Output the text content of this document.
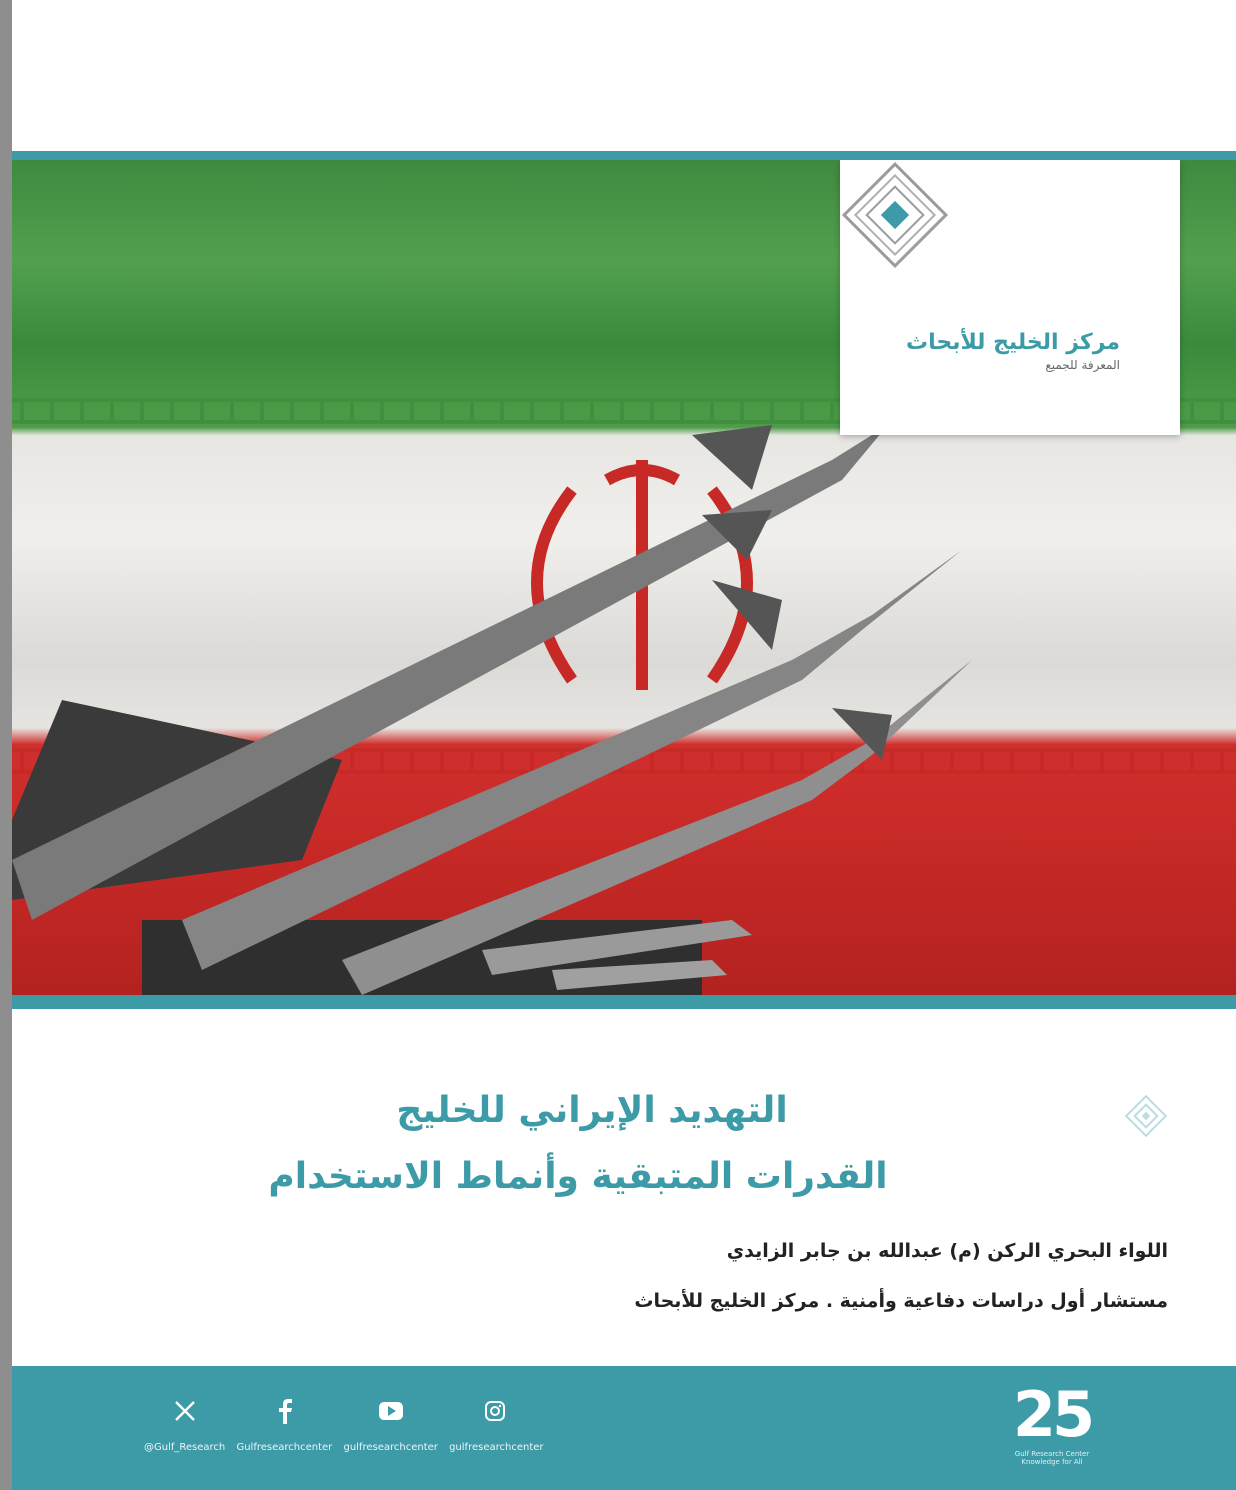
مركز الخليج للأبحاث
المعرفة للجميع
التهديد الإيراني للخليج
القدرات المتبقية وأنماط الاستخدام
اللواء البحري الركن (م) عبدالله بن جابر الزايدي
مستشار أول دراسات دفاعية وأمنية . مركز الخليج للأبحاث
@Gulf_Research Gulfresearchcenter gulfresearchcenter gulfresearchcenter	25
Gulf Research Center
Knowledge for All
